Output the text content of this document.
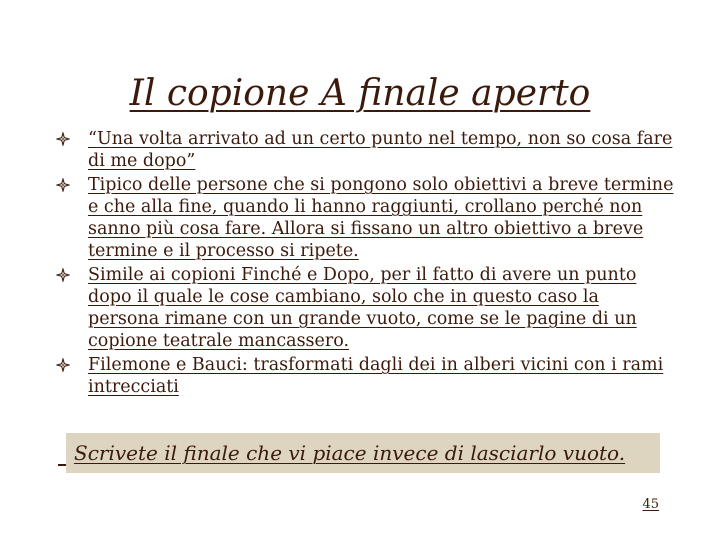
Il copione A finale aperto
“Una volta arrivato ad un certo punto nel tempo, non so cosa fare di me dopo”
Tipico delle persone che si pongono solo obiettivi a breve termine e che alla fine, quando li hanno raggiunti, crollano perché non sanno più cosa fare. Allora si fissano un altro obiettivo a breve termine e il processo si ripete.
Simile ai copioni Finché e Dopo, per il fatto di avere un punto dopo il quale le cose cambiano, solo che in questo caso la persona rimane con un grande vuoto, come se le pagine di un copione teatrale mancassero.
Filemone e Bauci: trasformati dagli dei in alberi vicini con i rami intrecciati
Scrivete il finale che vi piace invece di lasciarlo vuoto.
45
